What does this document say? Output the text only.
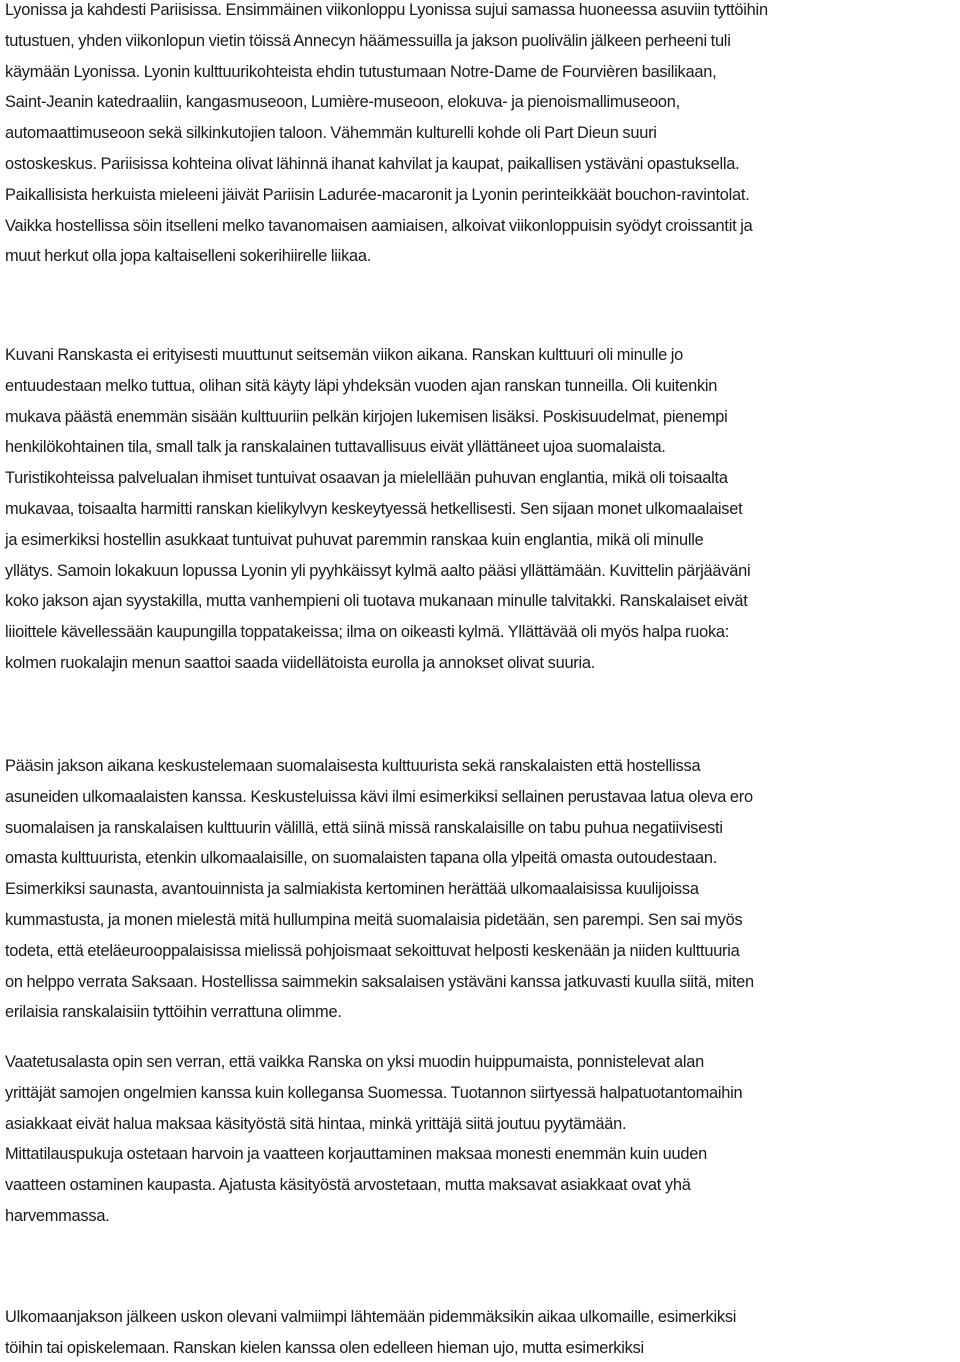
Lyonissa ja kahdesti Pariisissa. Ensimmäinen viikonloppu Lyonissa sujui samassa huoneessa asuviin tyttöihin
tutustuen, yhden viikonlopun vietin töissä Annecyn häämessuilla ja jakson puolivälin jälkeen perheeni tuli
käymään Lyonissa. Lyonin kulttuurikohteista ehdin tutustumaan Notre-Dame de Fourvièren basilikaan,
Saint-Jeanin katedraaliin, kangasmuseoon, Lumière-museoon, elokuva- ja pienoismallimuseoon,
automaattimuseoon sekä silkinkutojien taloon. Vähemmän kulturelli kohde oli Part Dieun suuri
ostoskeskus. Pariisissa kohteina olivat lähinnä ihanat kahvilat ja kaupat, paikallisen ystäväni opastuksella.
Paikallisista herkuista mieleeni jäivät Pariisin Ladurée-macaronit ja Lyonin perinteikkäät bouchon-ravintolat.
Vaikka hostellissa söin itselleni melko tavanomaisen aamiaisen, alkoivat viikonloppuisin syödyt croissantit ja
muut herkut olla jopa kaltaiselleni sokerihiirelle liikaa.

Kuvani Ranskasta ei erityisesti muuttunut seitsemän viikon aikana. Ranskan kulttuuri oli minulle jo
entuudestaan melko tuttua, olihan sitä käyty läpi yhdeksän vuoden ajan ranskan tunneilla. Oli kuitenkin
mukava päästä enemmän sisään kulttuuriin pelkän kirjojen lukemisen lisäksi. Poskisuudelmat, pienempi
henkilökohtainen tila, small talk ja ranskalainen tuttavallisuus eivät yllättäneet ujoa suomalaista.
Turistikohteissa palvelualan ihmiset tuntuivat osaavan ja mielellään puhuvan englantia, mikä oli toisaalta
mukavaa, toisaalta harmitti ranskan kielikylvyn keskeytyessä hetkellisesti. Sen sijaan monet ulkomaalaiset
ja esimerkiksi hostellin asukkaat tuntuivat puhuvat paremmin ranskaa kuin englantia, mikä oli minulle
yllätys. Samoin lokakuun lopussa Lyonin yli pyyhkäissyt kylmä aalto pääsi yllättämään. Kuvittelin pärjääväni
koko jakson ajan syystakilla, mutta vanhempieni oli tuotava mukanaan minulle talvitakki. Ranskalaiset eivät
liioittele kävellessään kaupungilla toppatakeissa; ilma on oikeasti kylmä. Yllättävää oli myös halpa ruoka:
kolmen ruokalajin menun saattoi saada viidellätoista eurolla ja annokset olivat suuria.

Pääsin jakson aikana keskustelemaan suomalaisesta kulttuurista sekä ranskalaisten että hostellissa
asuneiden ulkomaalaisten kanssa. Keskusteluissa kävi ilmi esimerkiksi sellainen perustavaa latua oleva ero
suomalaisen ja ranskalaisen kulttuurin välillä, että siinä missä ranskalaisille on tabu puhua negatiivisesti
omasta kulttuurista, etenkin ulkomaalaisille, on suomalaisten tapana olla ylpeitä omasta outoudestaan.
Esimerkiksi saunasta, avantouinnista ja salmiakista kertominen herättää ulkomaalaisissa kuulijoissa
kummastusta, ja monen mielestä mitä hullumpina meitä suomalaisia pidetään, sen parempi. Sen sai myös
todeta, että eteläeurooppalaisissa mielissä pohjoismaat sekoittuvat helposti keskenään ja niiden kulttuuria
on helppo verrata Saksaan. Hostellissa saimmekin saksalaisen ystäväni kanssa jatkuvasti kuulla siitä, miten
erilaisia ranskalaisiin tyttöihin verrattuna olimme.

Vaatetusalasta opin sen verran, että vaikka Ranska on yksi muodin huippumaista, ponnistelevat alan
yrittäjät samojen ongelmien kanssa kuin kollegansa Suomessa. Tuotannon siirtyessä halpatuotantomaihin
asiakkaat eivät halua maksaa käsityöstä sitä hintaa, minkä yrittäjä siitä joutuu pyytämään.
Mittatilauspukuja ostetaan harvoin ja vaatteen korjauttaminen maksaa monesti enemmän kuin uuden
vaatteen ostaminen kaupasta. Ajatusta käsityöstä arvostetaan, mutta maksavat asiakkaat ovat yhä
harvemmassa.

Ulkomaanjakson jälkeen uskon olevani valmiimpi lähtemään pidemmäksikin aikaa ulkomaille, esimerkiksi
töihin tai opiskelemaan. Ranskan kielen kanssa olen edelleen hieman ujo, mutta esimerkiksi
